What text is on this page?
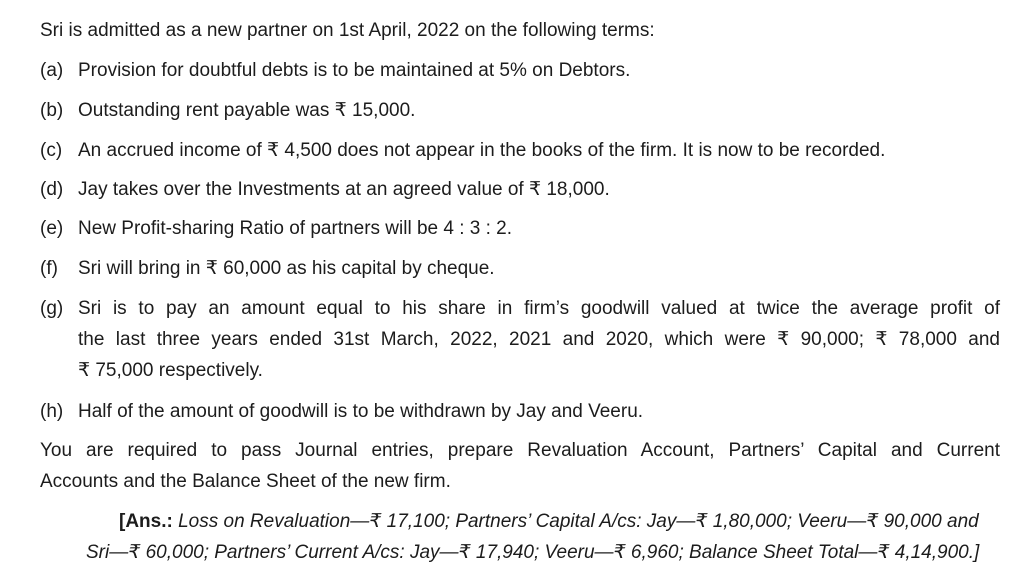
Sri is admitted as a new partner on 1st April, 2022 on the following terms:
(a) Provision for doubtful debts is to be maintained at 5% on Debtors.
(b) Outstanding rent payable was ₹ 15,000.
(c) An accrued income of ₹ 4,500 does not appear in the books of the firm. It is now to be recorded.
(d) Jay takes over the Investments at an agreed value of ₹ 18,000.
(e) New Profit-sharing Ratio of partners will be 4 : 3 : 2.
(f) Sri will bring in ₹ 60,000 as his capital by cheque.
(g) Sri is to pay an amount equal to his share in firm’s goodwill valued at twice the average profit of
the last three years ended 31st March, 2022, 2021 and 2020, which were ₹ 90,000; ₹ 78,000 and
₹ 75,000 respectively.
(h) Half of the amount of goodwill is to be withdrawn by Jay and Veeru.
You are required to pass Journal entries, prepare Revaluation Account, Partners’ Capital and Current
Accounts and the Balance Sheet of the new firm.
[Ans.: Loss on Revaluation—₹ 17,100; Partners’ Capital A/cs: Jay—₹ 1,80,000; Veeru—₹ 90,000 and
Sri—₹ 60,000; Partners’ Current A/cs: Jay—₹ 17,940; Veeru—₹ 6,960; Balance Sheet Total—₹ 4,14,900.]
